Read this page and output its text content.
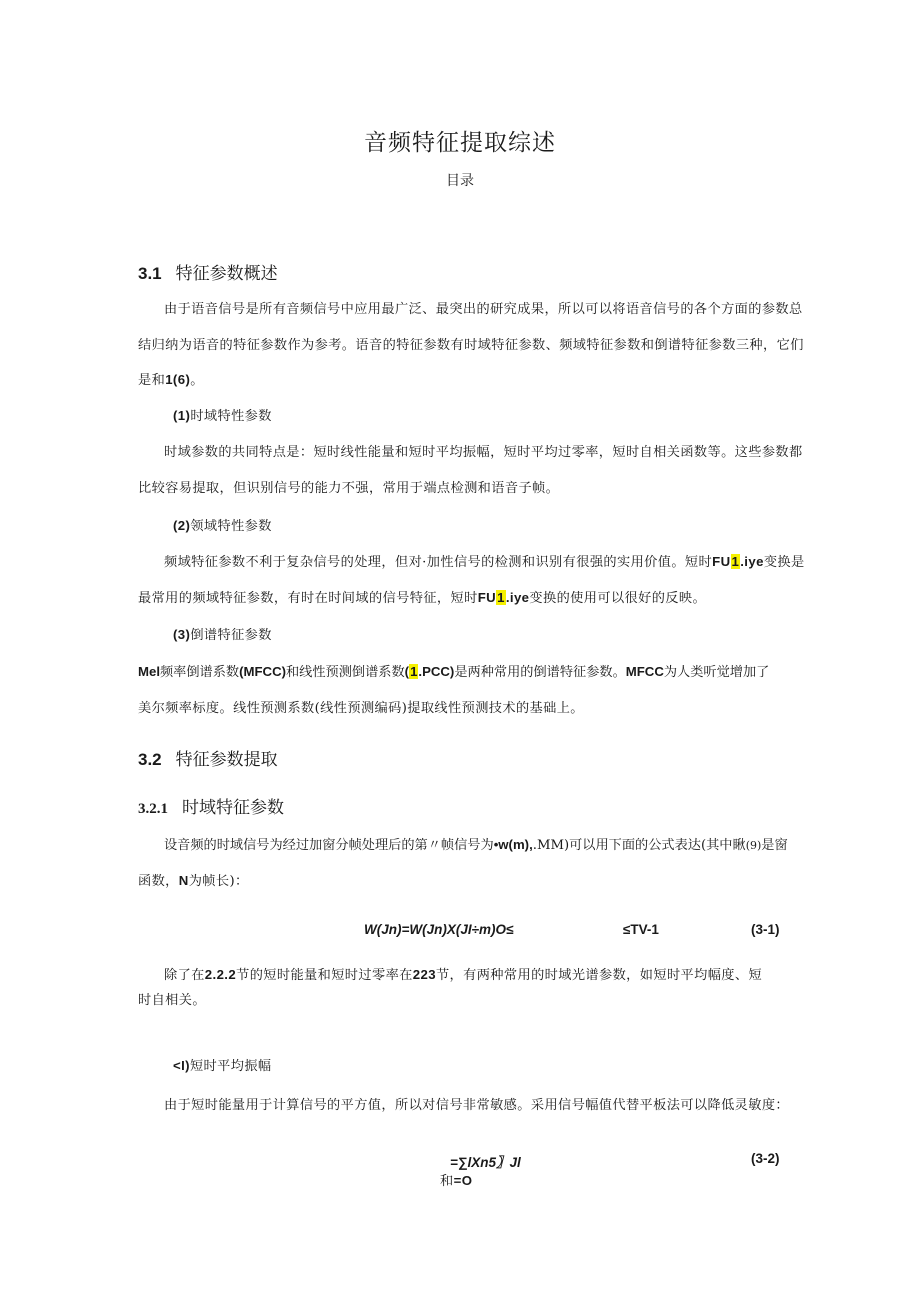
音频特征提取综述
目录
3.1 特征参数概述
由于语音信号是所有音频信号中应用最广泛、最突出的研究成果，所以可以将语音信号的各个方面的参数总
结归纳为语音的特征参数作为参考。语音的特征参数有时域特征参数、频域特征参数和倒谱特征参数三种，它们
是和1(6)。
(1)时域特性参数
时域参数的共同特点是：短时线性能量和短时平均振幅，短时平均过零率，短时自相关函数等。这些参数都
比较容易提取，但识别信号的能力不强，常用于端点检测和语音子帧。
(2)领域特性参数
频域特征参数不利于复杂信号的处理，但对·加性信号的检测和识别有很强的实用价值。短时FU1.iye变换是
最常用的频域特征参数，有时在时间域的信号特征，短时FU1.iye变换的使用可以很好的反映。
(3)倒谱特征参数
Mel频率倒谱系数(MFCC)和线性预测倒谱系数(1.PCC)是两种常用的倒谱特征参数。MFCC为人类听觉增加了
美尔频率标度。线性预测系数(线性预测编码)提取线性预测技术的基础上。
3.2 特征参数提取
3.2.1 时域特征参数
设音频的时域信号为经过加窗分帧处理后的第〃帧信号为•w(m),.MM)可以用下面的公式表达(其中瞅(9)是窗
函数，N为帧长)：
W(Jn)=W(Jn)X(JI÷m)O≤	≤TV-1	(3-1)
除了在2.2.2节的短时能量和短时过零率在223节，有两种常用的时域光谱参数，如短时平均幅度、短
时自相关。
<I)短时平均振幅
由于短时能量用于计算信号的平方值，所以对信号非常敏感。采用信号幅值代替平板法可以降低灵敏度：
=∑lXn5〗Jl	(3-2)
和=O
